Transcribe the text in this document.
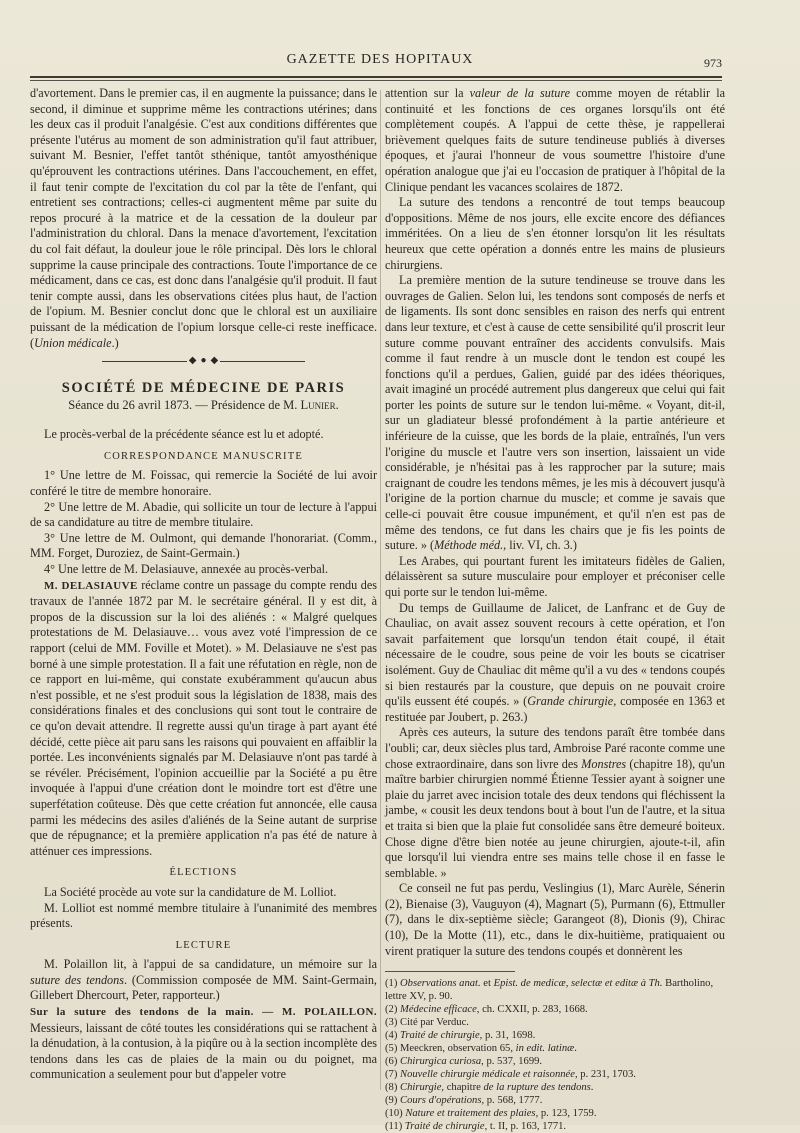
GAZETTE DES HOPITAUX	973

d'avortement. Dans le premier cas, il en augmente la puissance; dans le second, il diminue et supprime même les contractions utérines; dans les deux cas il produit l'analgésie. C'est aux conditions différentes que présente l'utérus au moment de son administration qu'il faut attribuer, suivant M. Besnier, l'effet tantôt sthénique, tantôt amyosthénique qu'éprouvent les contractions utérines. Dans l'accouchement, en effet, il faut tenir compte de l'excitation du col par la tête de l'enfant, qui entretient ses contractions; celles-ci augmentent même par suite du repos procuré à la matrice et de la cessation de la douleur par l'administration du chloral. Dans la menace d'avortement, l'excitation du col fait défaut, la douleur joue le rôle principal. Dès lors le chloral supprime la cause principale des contractions. Toute l'importance de ce médicament, dans ce cas, est donc dans l'analgésie qu'il produit. Il faut tenir compte aussi, dans les observations citées plus haut, de l'action de l'opium. M. Besnier conclut donc que le chloral est un auxiliaire puissant de la médication de l'opium lorsque celle-ci reste inefficace. (Union médicale.)

◆ ● ◆
SOCIÉTÉ DE MÉDECINE DE PARIS
Séance du 26 avril 1873. — Présidence de M. Lunier.

Le procès-verbal de la précédente séance est lu et adopté.

CORRESPONDANCE MANUSCRITE

1° Une lettre de M. Foissac, qui remercie la Société de lui avoir conféré le titre de membre honoraire.

2° Une lettre de M. Abadie, qui sollicite un tour de lecture à l'appui de sa candidature au titre de membre titulaire.

3° Une lettre de M. Oulmont, qui demande l'honorariat. (Comm., MM. Forget, Duroziez, de Saint-Germain.)

4° Une lettre de M. Delasiauve, annexée au procès-verbal.

M. DELASIAUVE réclame contre un passage du compte rendu des travaux de l'année 1872 par M. le secrétaire général. Il y est dit, à propos de la discussion sur la loi des aliénés : « Malgré quelques protestations de M. Delasiauve… vous avez voté l'impression de ce rapport (celui de MM. Foville et Motet). » M. Delasiauve ne s'est pas borné à une simple protestation. Il a fait une réfutation en règle, non de ce rapport en lui-même, qui constate exubéramment qu'aucun abus n'est possible, et ne s'est produit sous la législation de 1838, mais des considérations finales et des conclusions qui sont tout le contraire de ce qu'on devait attendre. Il regrette aussi qu'un tirage à part ayant été décidé, cette pièce ait paru sans les raisons qui pouvaient en affaiblir la portée. Les inconvénients signalés par M. Delasiauve n'ont pas tardé à se révéler. Précisément, l'opinion accueillie par la Société a pu être invoquée à l'appui d'une création dont le moindre tort est d'être une superfétation coûteuse. Dès que cette création fut annoncée, elle causa parmi les médecins des asiles d'aliénés de la Seine autant de surprise que de répugnance; et la première application n'a pas été de nature à atténuer ces impressions.

ÉLECTIONS

La Société procède au vote sur la candidature de M. Lolliot.

M. Lolliot est nommé membre titulaire à l'unanimité des membres présents.

LECTURE

M. Polaillon lit, à l'appui de sa candidature, un mémoire sur la suture des tendons. (Commission composée de MM. Saint-Germain, Gillebert Dhercourt, Peter, rapporteur.)

Sur la suture des tendons de la main. — M. POLAILLON. Messieurs, laissant de côté toutes les considérations qui se rattachent à la dénudation, à la contusion, à la piqûre ou à la section incomplète des tendons dans les cas de plaies de la main ou du poignet, ma communication a seulement pour but d'appeler votre

attention sur la valeur de la suture comme moyen de rétablir la continuité et les fonctions de ces organes lorsqu'ils ont été complètement coupés. A l'appui de cette thèse, je rappellerai brièvement quelques faits de suture tendineuse publiés à diverses époques, et j'aurai l'honneur de vous soumettre l'histoire d'une opération analogue que j'ai eu l'occasion de pratiquer à l'hôpital de la Clinique pendant les vacances scolaires de 1872.

La suture des tendons a rencontré de tout temps beaucoup d'oppositions. Même de nos jours, elle excite encore des défiances imméritées. On a lieu de s'en étonner lorsqu'on lit les résultats heureux que cette opération a donnés entre les mains de plusieurs chirurgiens.

La première mention de la suture tendineuse se trouve dans les ouvrages de Galien. Selon lui, les tendons sont composés de nerfs et de ligaments. Ils sont donc sensibles en raison des nerfs qui entrent dans leur texture, et c'est à cause de cette sensibilité qu'il proscrit leur suture comme pouvant entraîner des accidents convulsifs. Mais comme il faut rendre à un muscle dont le tendon est coupé les fonctions qu'il a perdues, Galien, guidé par des idées théoriques, avait imaginé un procédé autrement plus dangereux que celui qui fait porter les points de suture sur le tendon lui-même. « Voyant, dit-il, sur un gladiateur blessé profondément à la partie antérieure et inférieure de la cuisse, que les bords de la plaie, entraînés, l'un vers l'origine du muscle et l'autre vers son insertion, laissaient un vide considérable, je n'hésitai pas à les rapprocher par la suture; mais craignant de coudre les tendons mêmes, je les mis à découvert jusqu'à l'origine de la portion charnue du muscle; et comme je savais que celle-ci pouvait être cousue impunément, et qu'il n'en est pas de même des tendons, ce fut dans les chairs que je fis les points de suture. » (Méthode méd., liv. VI, ch. 3.)

Les Arabes, qui pourtant furent les imitateurs fidèles de Galien, délaissèrent sa suture musculaire pour employer et préconiser celle qui porte sur le tendon lui-même.

Du temps de Guillaume de Jalicet, de Lanfranc et de Guy de Chauliac, on avait assez souvent recours à cette opération, et l'on savait parfaitement que lorsqu'un tendon était coupé, il était nécessaire de le coudre, sous peine de voir les bouts se cicatriser isolément. Guy de Chauliac dit même qu'il a vu des « tendons coupés si bien restaurés par la cousture, que depuis on ne pouvait croire qu'ils eussent été coupés. » (Grande chirurgie, composée en 1363 et restituée par Joubert, p. 263.)

Après ces auteurs, la suture des tendons paraît être tombée dans l'oubli; car, deux siècles plus tard, Ambroise Paré raconte comme une chose extraordinaire, dans son livre des Monstres (chapitre 18), qu'un maître barbier chirurgien nommé Étienne Tessier ayant à soigner une plaie du jarret avec incision totale des deux tendons qui fléchissent la jambe, « cousit les deux tendons bout à bout l'un de l'autre, et la situa et traita si bien que la plaie fut consolidée sans être demeuré boiteux. Chose digne d'être bien notée au jeune chirurgien, ajoute-t-il, afin que lorsqu'il lui viendra entre ses mains telle chose il en fasse le semblable. »

Ce conseil ne fut pas perdu, Veslingius (1), Marc Aurèle, Sénerin (2), Bienaise (3), Vauguyon (4), Magnart (5), Purmann (6), Ettmuller (7), dans le dix-septième siècle; Garangeot (8), Dionis (9), Chirac (10), De la Motte (11), etc., dans le dix-huitième, pratiquaient ou virent pratiquer la suture des tendons coupés et donnèrent les

(1) Observations anat. et Epist. de medicæ, selectæ et editæ à Th. Bartholino, lettre XV, p. 90.

(2) Médecine efficace, ch. CXXII, p. 283, 1668.

(3) Cité par Verduc.

(4) Traité de chirurgie, p. 31, 1698.

(5) Meeckren, observation 65, in edit. latinæ.

(6) Chirurgica curiosa, p. 537, 1699.

(7) Nouvelle chirurgie médicale et raisonnée, p. 231, 1703.

(8) Chirurgie, chapitre de la rupture des tendons.

(9) Cours d'opérations, p. 568, 1777.

(10) Nature et traitement des plaies, p. 123, 1759.

(11) Traité de chirurgie, t. II, p. 163, 1771.
